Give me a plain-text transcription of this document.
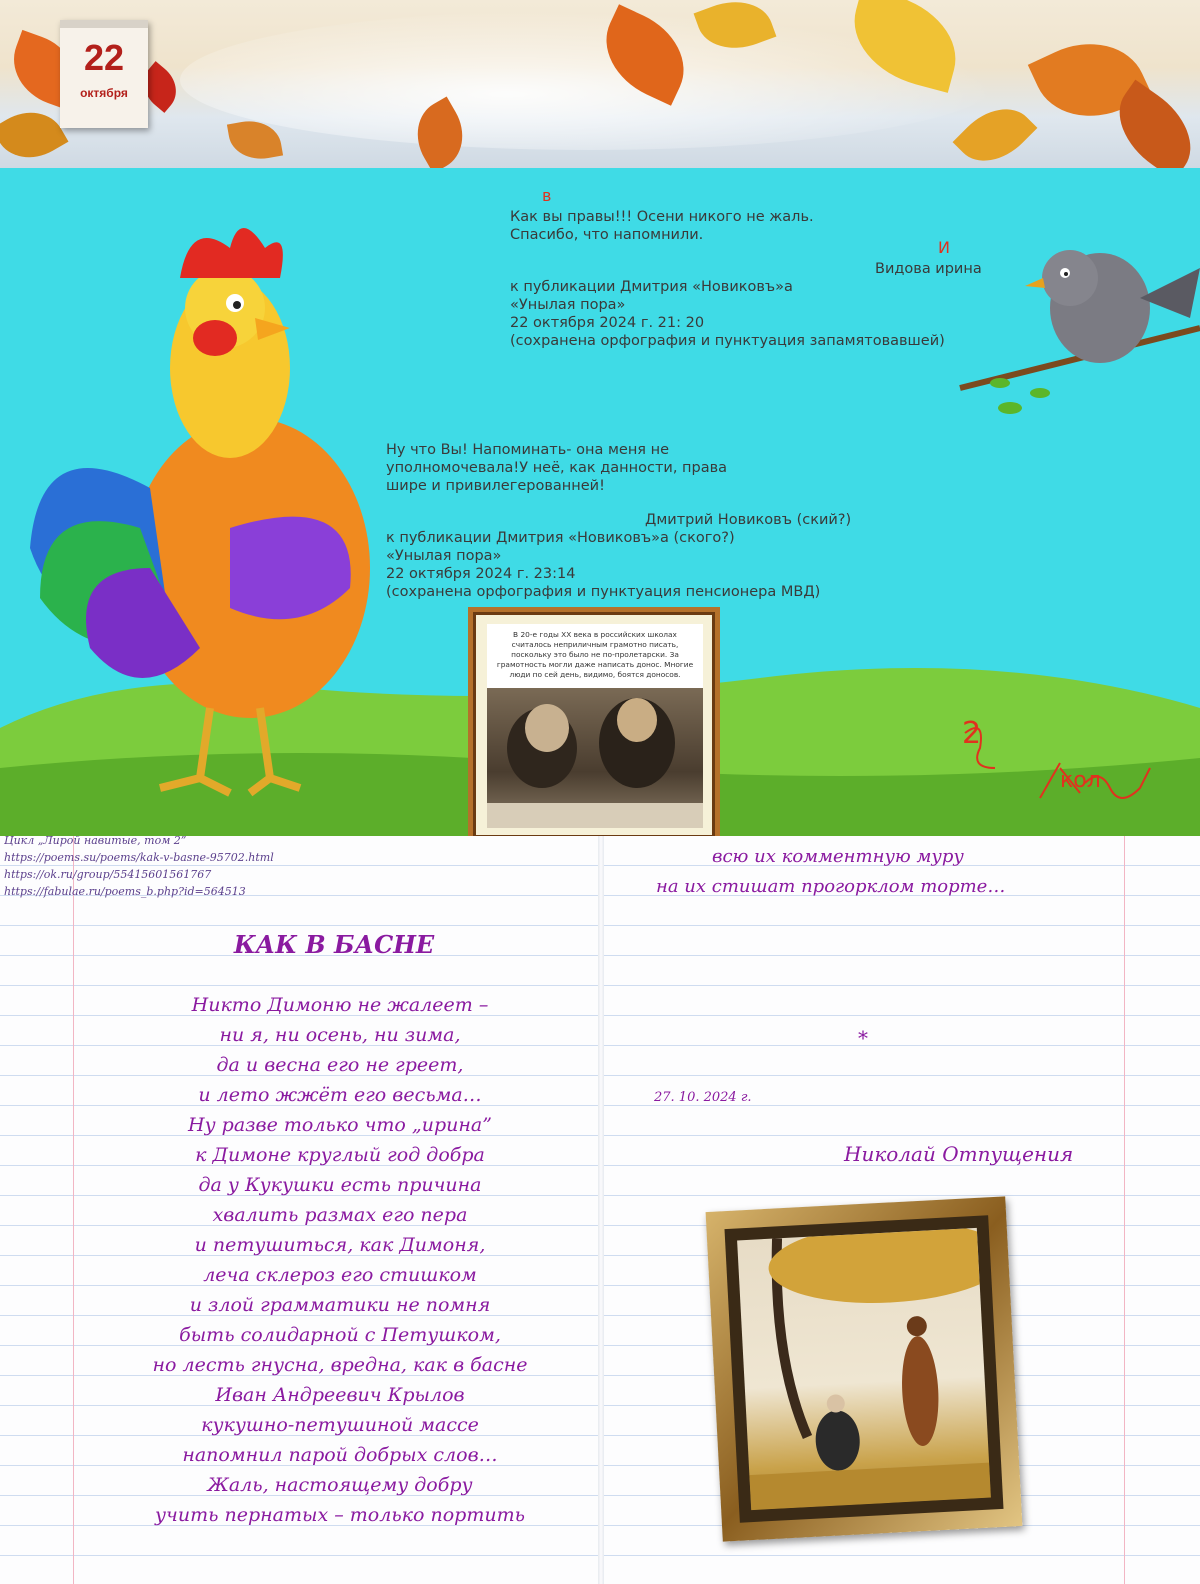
22
октября
Как вы правы!!! Осени никого не жаль.
Спасибо, что напомнили.
Видова ирина
к публикации Дмитрия «Новиковъ»а
«Унылая пора»
22 октября 2024 г. 21: 20
(сохранена орфография и пунктуация запамятовавшей)
в
И
Ну что Вы! Напоминать- она меня не
уполномочевала!У неё, как данности, права
шире и привилегерованней!
Дмитрий Новиковъ (ский?)
к публикации Дмитрия «Новиковъ»а (ского?)
«Унылая пора»
22 октября 2024 г. 23:14
(сохранена орфография и пунктуация пенсионера МВД)
2
кол
В 20-е годы XX века в российских школах считалось неприличным грамотно писать, поскольку это было не по-пролетарски. За грамотность могли даже написать донос. Многие люди по сей день, видимо, боятся доносов.
Цикл „Лирой навитые, том 2”
https://poems.su/poems/kak-v-basne-95702.html
https://ok.ru/group/55415601561767
https://fabulae.ru/poems_b.php?id=564513
КАК В БАСНЕ
Никто Димоню не жалеет –
ни я, ни осень, ни зима,
да и весна его не греет,
и лето жжёт его весьма…
Ну разве только что „ирина”
к Димоне круглый год добра
да у Кукушки есть причина
хвалить размах его пера
и петушиться, как Димоня,
леча склероз его стишком
и злой грамматики не помня
быть солидарной с Петушком,
но лесть гнусна, вредна, как в басне
Иван Андреевич Крылов
кукушно-петушиной массе
напомнил парой добрых слов…
Жаль, настоящему добру
учить пернатых – только портить
всю их комментную муру
на их стишат прогорклом торте…
*
27. 10. 2024 г.
Николай Отпущения
